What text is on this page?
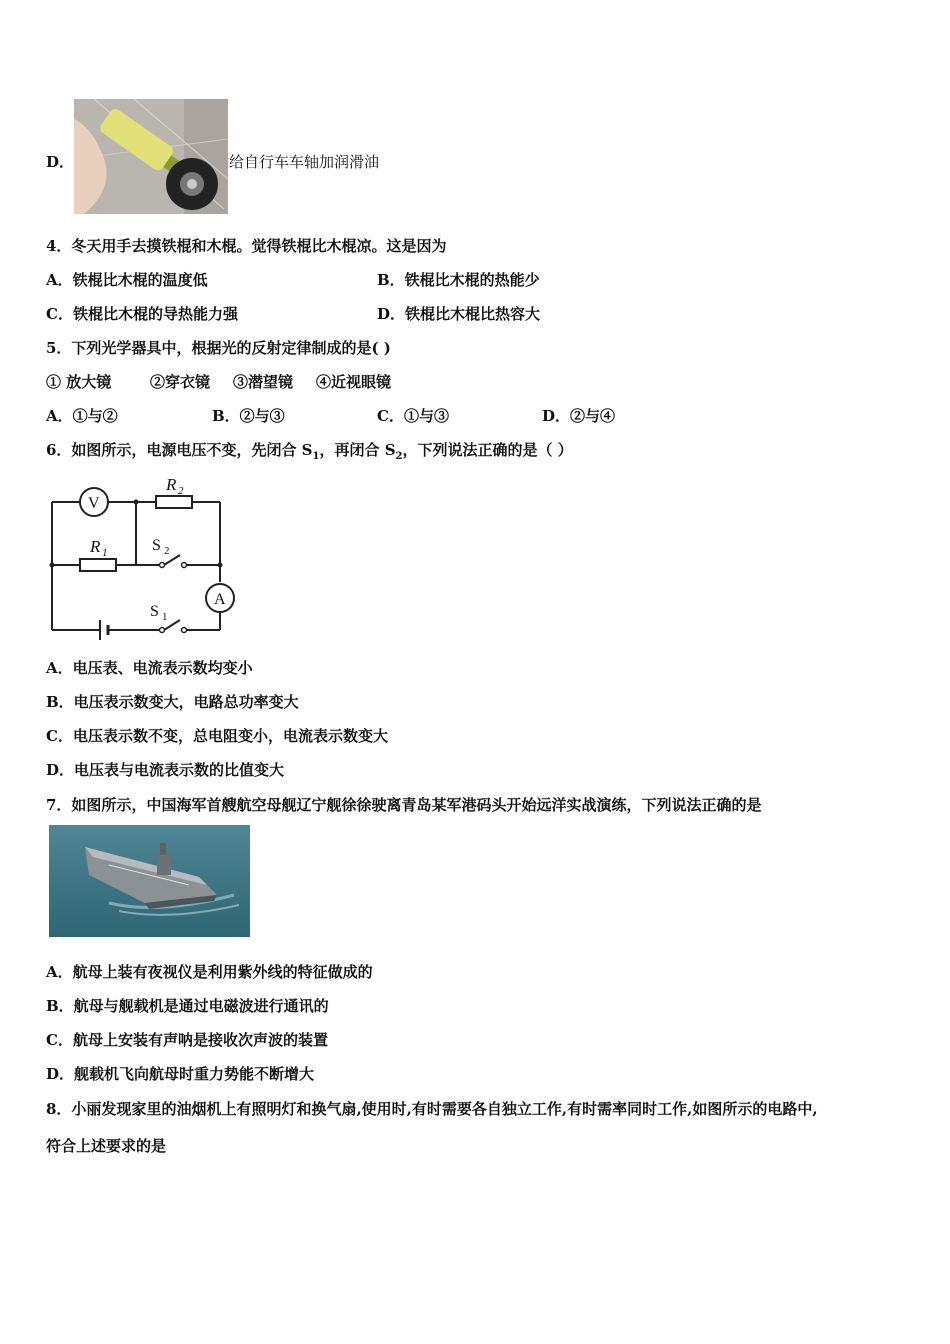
D．	给自行车车轴加润滑油
4．冬天用手去摸铁棍和木棍。觉得铁棍比木棍凉。这是因为
A．铁棍比木棍的温度低	B．铁棍比木棍的热能少
C．铁棍比木棍的导热能力强	D．铁棍比木棍比热容大
5．下列光学器具中，根据光的反射定律制成的是( )
① 放大镜	②穿衣镜 ③潜望镜 ④近视眼镜
A．①与②	B．②与③	C．①与③	D．②与④
6．如图所示，电源电压不变，先闭合 $S_1$，再闭合 $S_2$，下列说法正确的是（ ）
V
R 2
R 1	S 2
A
S 1
A．电压表、电流表示数均变小
B．电压表示数变大，电路总功率变大
C．电压表示数不变，总电阻变小，电流表示数变大
D．电压表与电流表示数的比值变大
7．如图所示，中国海军首艘航空母舰辽宁舰徐徐驶离青岛某军港码头开始远洋实战演练，下列说法正确的是
A．航母上装有夜视仪是利用紫外线的特征做成的
B．航母与舰载机是通过电磁波进行通讯的
C．航母上安装有声呐是接收次声波的装置
D．舰载机飞向航母时重力势能不断增大
8．小丽发现家里的油烟机上有照明灯和换气扇,使用时,有时需要各自独立工作,有时需率同时工作,如图所示的电路中,
符合上述要求的是
